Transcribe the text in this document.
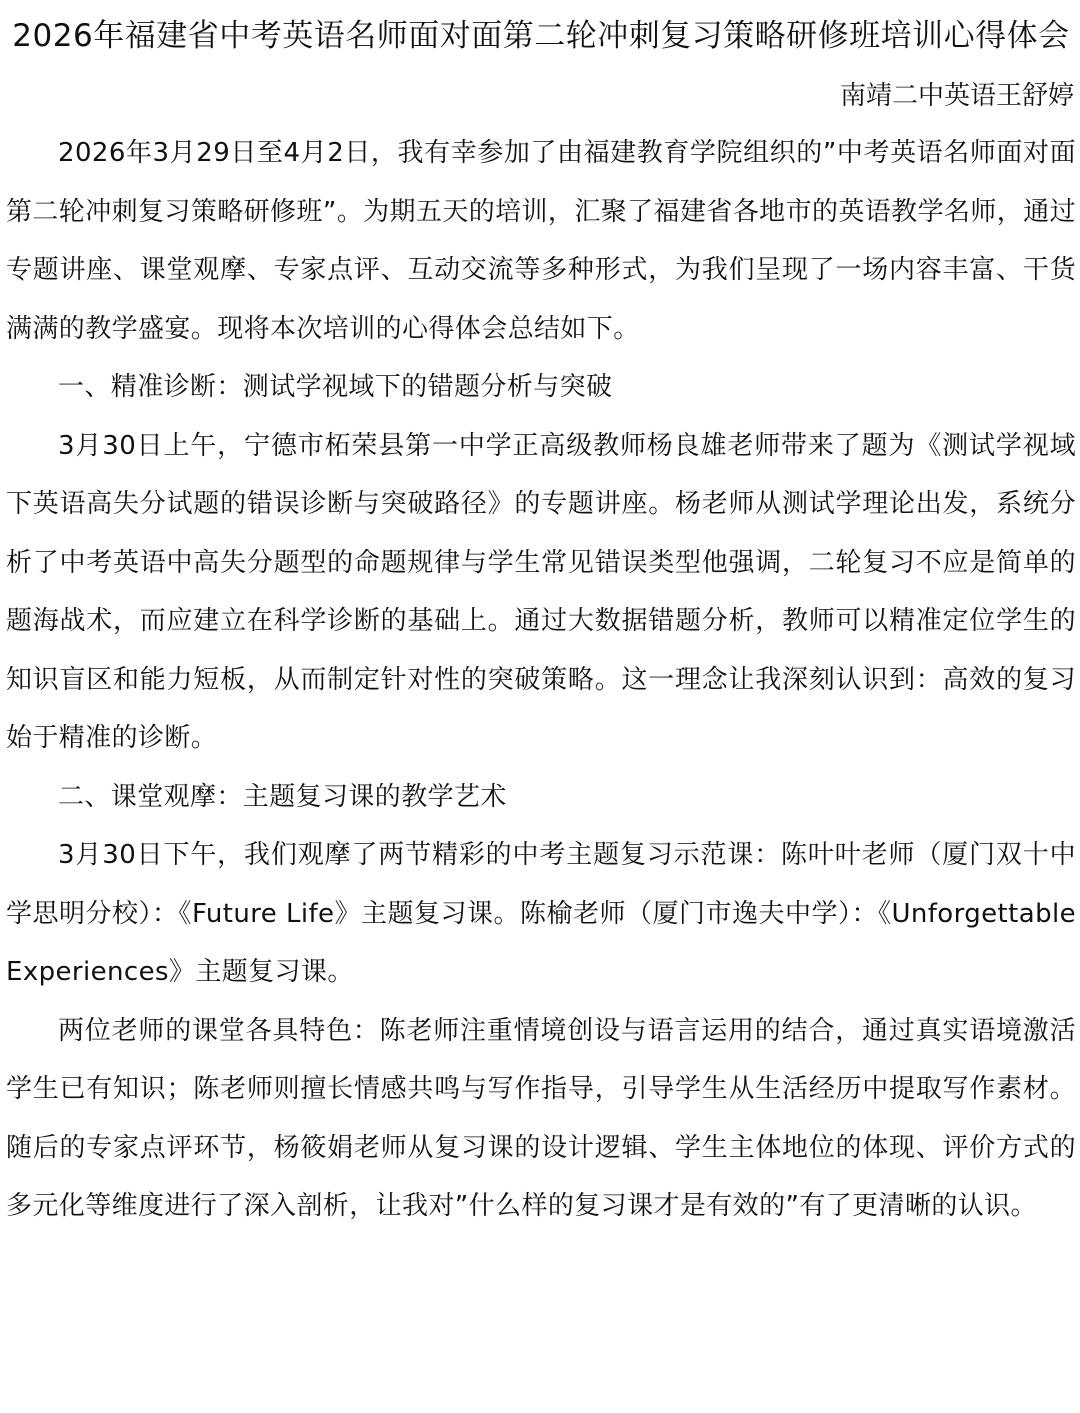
2026年福建省中考英语名师面对面第二轮冲刺复习策略研修班培训心得体会
南靖二中英语王舒婷

2026年3月29日至4月2日，我有幸参加了由福建教育学院组织的”中考英语名师面对面第二轮冲刺复习策略研修班”。为期五天的培训，汇聚了福建省各地市的英语教学名师，通过专题讲座、课堂观摩、专家点评、互动交流等多种形式，为我们呈现了一场内容丰富、干货满满的教学盛宴。现将本次培训的心得体会总结如下。

一、精准诊断：测试学视域下的错题分析与突破

3月30日上午，宁德市柘荣县第一中学正高级教师杨良雄老师带来了题为《测试学视域下英语高失分试题的错误诊断与突破路径》的专题讲座。杨老师从测试学理论出发，系统分析了中考英语中高失分题型的命题规律与学生常见错误类型他强调，二轮复习不应是简单的题海战术，而应建立在科学诊断的基础上。通过大数据错题分析，教师可以精准定位学生的知识盲区和能力短板，从而制定针对性的突破策略。这一理念让我深刻认识到：高效的复习始于精准的诊断。

二、课堂观摩：主题复习课的教学艺术

3月30日下午，我们观摩了两节精彩的中考主题复习示范课：陈叶叶老师（厦门双十中学思明分校）：《Future Life》主题复习课。陈榆老师（厦门市逸夫中学）：《Unforgettable Experiences》主题复习课。

两位老师的课堂各具特色：陈老师注重情境创设与语言运用的结合，通过真实语境激活学生已有知识；陈老师则擅长情感共鸣与写作指导，引导学生从生活经历中提取写作素材。随后的专家点评环节，杨筱娟老师从复习课的设计逻辑、学生主体地位的体现、评价方式的多元化等维度进行了深入剖析，让我对”什么样的复习课才是有效的”有了更清晰的认识。
